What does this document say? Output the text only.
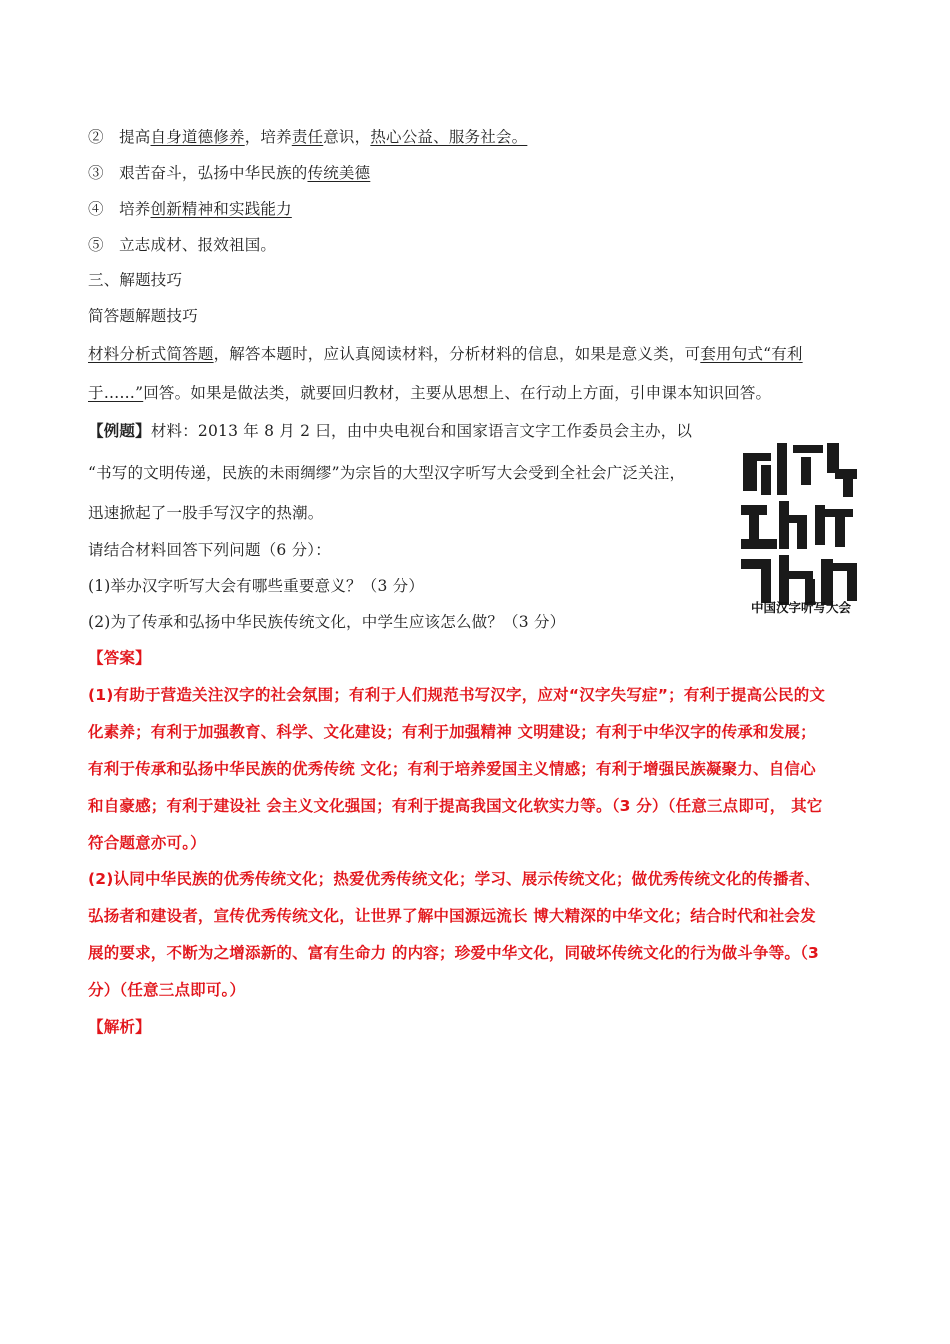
② 提高自身道德修养，培养责任意识，热心公益、服务社会。
③ 艰苦奋斗，弘扬中华民族的传统美德
④ 培养创新精神和实践能力
⑤ 立志成材、报效祖国。
三、解题技巧
简答题解题技巧
材料分析式简答题，解答本题时，应认真阅读材料，分析材料的信息，如果是意义类，可套用句式“有利
于……”回答。如果是做法类，就要回归教材，主要从思想上、在行动上方面，引申课本知识回答。
【例题】材料：2013 年 8 月 2 曰，由中央电视台和国家语言文字工作委员会主办，以
“书写的文明传递，民族的未雨绸缪”为宗旨的大型汉字听写大会受到全社会广泛关注，
迅速掀起了一股手写汉字的热潮。
请结合材料回答下列问题（6 分）：
(1)举办汉字听写大会有哪些重要意义？（3 分）
(2)为了传承和弘扬中华民族传统文化，中学生应该怎么做？（3 分）
中国汉字听写大会
【答案】
(1)有助于营造关注汉字的社会氛围；有利于人们规范书写汉字，应对“汉字失写症”；有利于提高公民的文
化素养；有利于加强教育、科学、文化建设；有利于加强精神 文明建设；有利于中华汉字的传承和发展；
有利于传承和弘扬中华民族的优秀传统 文化；有利于培养爱国主义情感；有利于增强民族凝聚力、自信心
和自豪感；有利于建设社 会主义文化强国；有利于提高我国文化软实力等。（3 分）（任意三点即可， 其它
符合题意亦可。）
(2)认同中华民族的优秀传统文化；热爱优秀传统文化；学习、展示传统文化；做优秀传统文化的传播者、
弘扬者和建设者，宣传优秀传统文化，让世界了解中国源远流长 博大精深的中华文化；结合时代和社会发
展的要求，不断为之增添新的、富有生命力 的内容；珍爱中华文化，同破坏传统文化的行为做斗争等。（3
分）（任意三点即可。）
【解析】
